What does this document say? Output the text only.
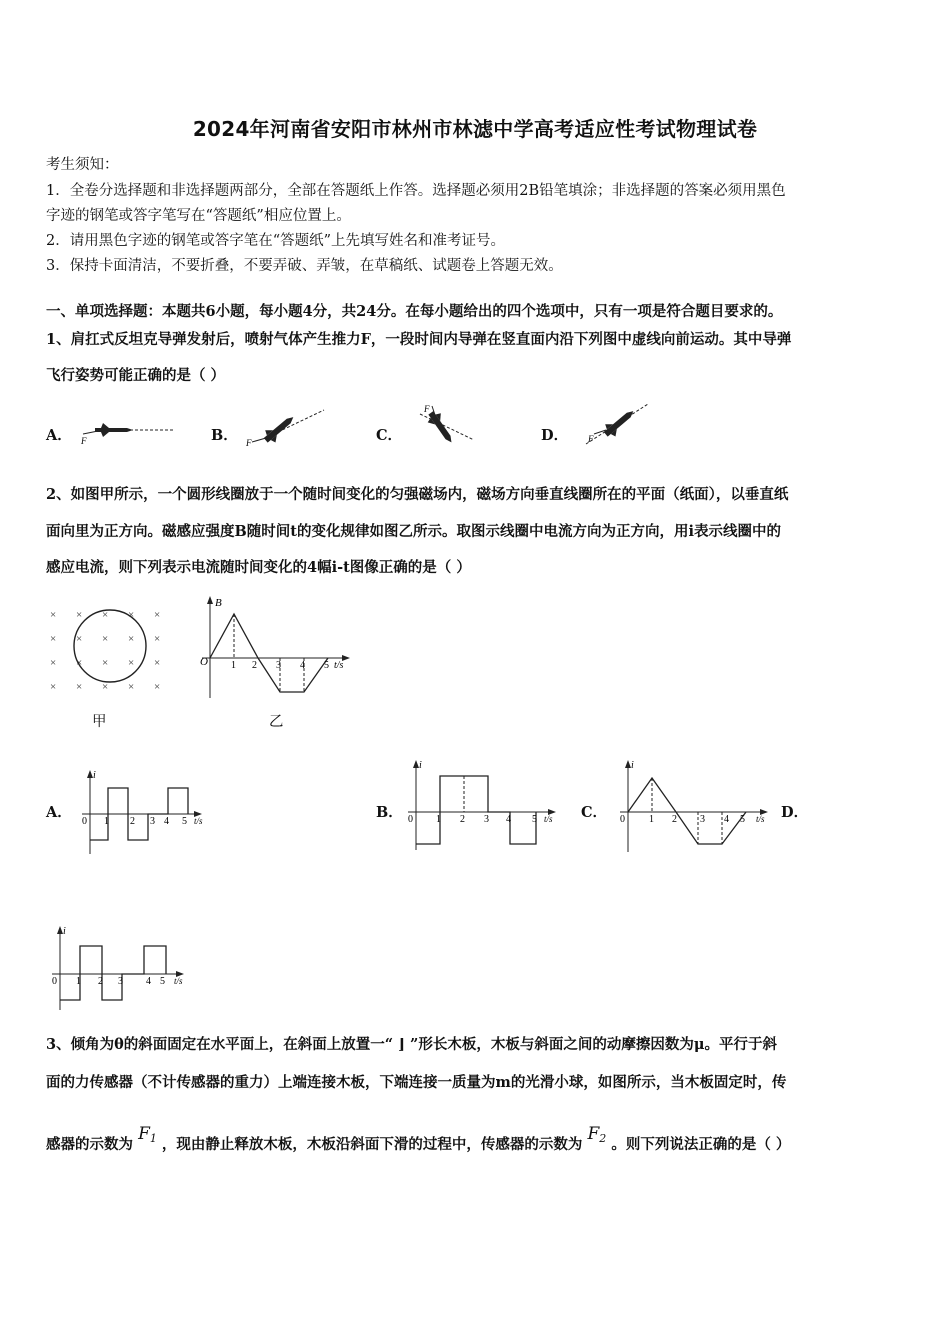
2024年河南省安阳市林州市林滤中学高考适应性考试物理试卷
考生须知：
1．全卷分选择题和非选择题两部分，全部在答题纸上作答。选择题必须用2B铅笔填涂；非选择题的答案必须用黑色
字迹的钢笔或答字笔写在“答题纸”相应位置上。
2．请用黑色字迹的钢笔或答字笔在“答题纸”上先填写姓名和准考证号。
3．保持卡面清洁，不要折叠，不要弄破、弄皱，在草稿纸、试题卷上答题无效。
一、单项选择题：本题共6小题，每小题4分，共24分。在每小题给出的四个选项中，只有一项是符合题目要求的。
1、肩扛式反坦克导弹发射后，喷射气体产生推力F，一段时间内导弹在竖直面内沿下列图中虚线向前运动。其中导弹
飞行姿势可能正确的是（ ）
A．	B．	C．	D．
F	F
F
F
2、如图甲所示，一个圆形线圈放于一个随时间变化的匀强磁场内，磁场方向垂直线圈所在的平面（纸面），以垂直纸
面向里为正方向。磁感应强度B随时间t的变化规律如图乙所示。取图示线圈中电流方向为正方向，用i表示线圈中的
感应电流，则下列表示电流随时间变化的4幅i-t图像正确的是（ ）
× × × × ×
× × × × ×
× × × × ×
× × × × ×
甲
B
O	t/s
1 2 3 4 5
乙
A．	B．	C．	D．
i
0	t/s
1 2 3 4 5
i
0	t/s
1 2 3 4 5
i
0	t/s
1 2 3 4 5
i
0	t/s
1 2 3 4 5
3、倾角为θ的斜面固定在水平面上，在斜面上放置一“ ⌋ ”形长木板，木板与斜面之间的动摩擦因数为μ。平行于斜
面的力传感器（不计传感器的重力）上端连接木板，下端连接一质量为m的光滑小球，如图所示，当木板固定时，传
感器的示数为 $F_1$ ，现由静止释放木板，木板沿斜面下滑的过程中，传感器的示数为 $F_2$ 。则下列说法正确的是（ ）
